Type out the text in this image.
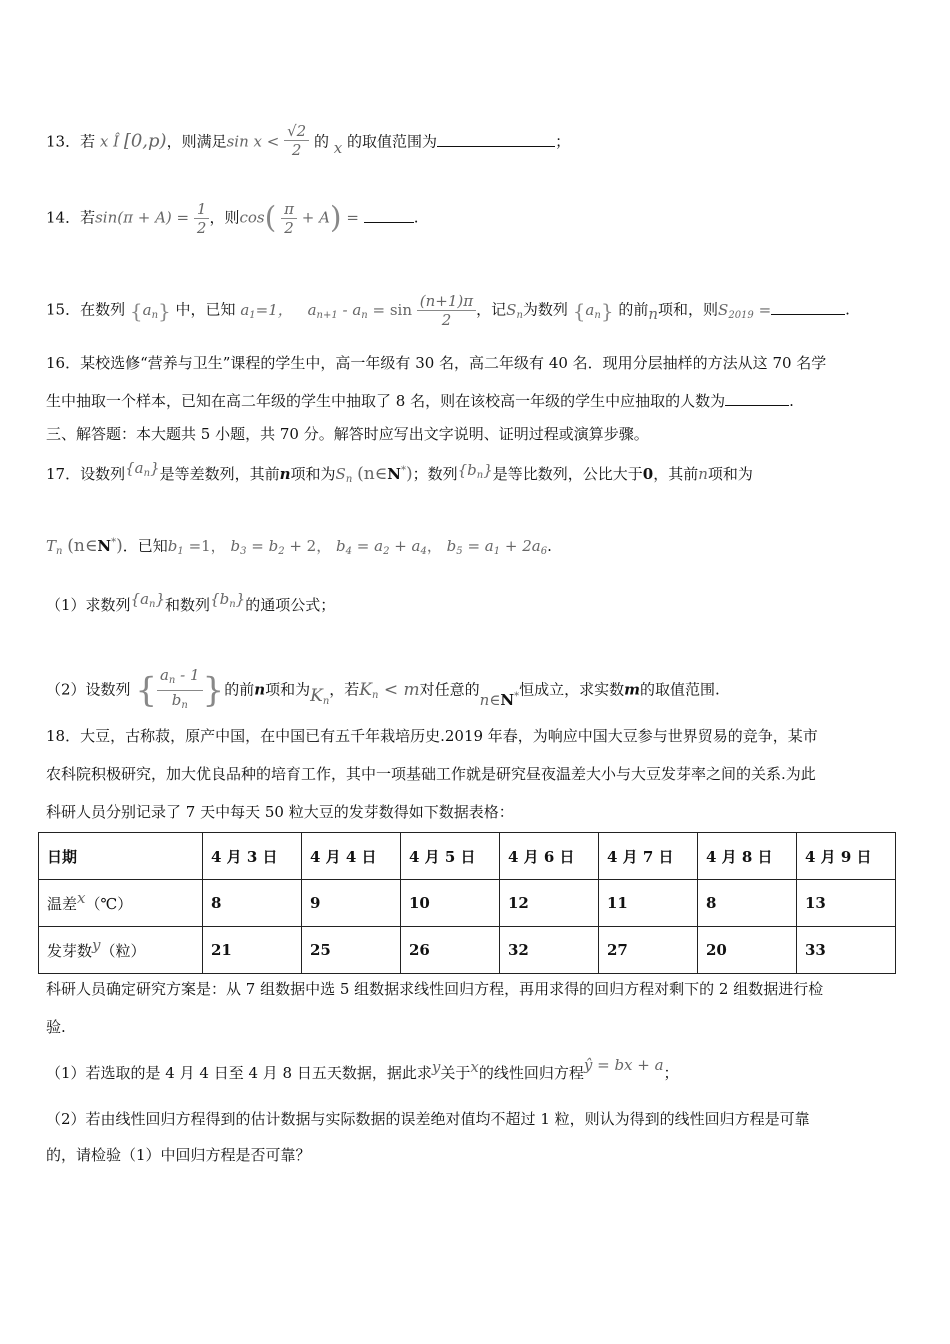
13．若 x Î [0,p)，则满足$\sin x < \frac{√2}{2}$ 的 x 的取值范围为	；
14．若$\sin(\pi + A) = \frac{1}{2}$ ，则$\cos( \frac{\pi}{2} + A)$ =	.
15．在数列 $\{a_n\}$ 中，已知 $a_1=1$， $a_{n+1} - a_n = \sin \frac{(n+1)\pi}{2}$ ，记$S_n$为数列 $\{a_n\}$ 的前n项和，则$S_{2019}$ =	.
16．某校选修“营养与卫生”课程的学生中，高一年级有 30 名，高二年级有 40 名．现用分层抽样的方法从这 70 名学
生中抽取一个样本，已知在高二年级的学生中抽取了 8 名，则在该校高一年级的学生中应抽取的人数为	.
三、解答题：本大题共 5 小题，共 70 分。解答时应写出文字说明、证明过程或演算步骤。
17．设数列$\{a_n\}$是等差数列，其前n项和为$S_n$ (n∈N*)；数列$\{b_n\}$是等比数列，公比大于0，其前n项和为
$T_n$ (n∈N*)．已知$b_1 =1$， $b_3 = b_2 + 2$， $b_4 = a_2 + a_4$， $b_5 = a_1 + 2a_6$.
（1）求数列$\{a_n\}$和数列$\{b_n\}$的通项公式；
（2）设数列 { $\frac{a_n - 1}{b_n}$ }的前n项和为$K_n$，若$K_n < m$对任意的n∈N*恒成立，求实数m的取值范围.
18．大豆，古称菽，原产中国，在中国已有五千年栽培历史.2019 年春，为响应中国大豆参与世界贸易的竞争，某市
农科院积极研究，加大优良品种的培育工作，其中一项基础工作就是研究昼夜温差大小与大豆发芽率之间的关系.为此
科研人员分别记录了 7 天中每天 50 粒大豆的发芽数得如下数据表格：
日期	4 月 3 日	4 月 4 日	4 月 5 日	4 月 6 日	4 月 7 日	4 月 8 日	4 月 9 日
温差x（℃）	8	9	10	12	11	8	13
发芽数y（粒）	21	25	26	32	27	20	33
科研人员确定研究方案是：从 7 组数据中选 5 组数据求线性回归方程，再用求得的回归方程对剩下的 2 组数据进行检
验.
（1）若选取的是 4 月 4 日至 4 月 8 日五天数据，据此求y关于x的线性回归方程ŷ = bx + a；
（2）若由线性回归方程得到的估计数据与实际数据的误差绝对值均不超过 1 粒，则认为得到的线性回归方程是可靠
的，请检验（1）中回归方程是否可靠？
